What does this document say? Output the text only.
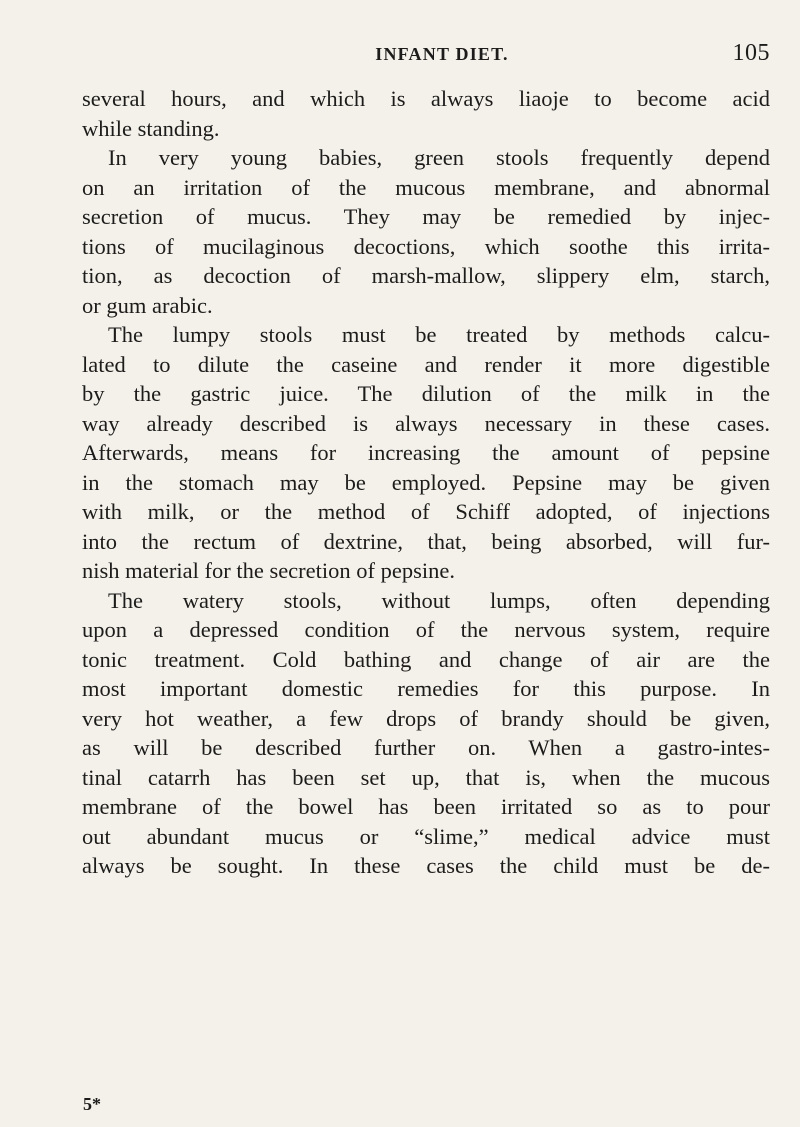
INFANT DIET.	105
several hours, and which is always liaoje to become acid
while standing.
In very young babies, green stools frequently depend
on an irritation of the mucous membrane, and abnormal
secretion of mucus. They may be remedied by injec-
tions of mucilaginous decoctions, which soothe this irrita-
tion, as decoction of marsh-mallow, slippery elm, starch,
or gum arabic.
The lumpy stools must be treated by methods calcu-
lated to dilute the caseine and render it more digestible
by the gastric juice. The dilution of the milk in the
way already described is always necessary in these cases.
Afterwards, means for increasing the amount of pepsine
in the stomach may be employed. Pepsine may be given
with milk, or the method of Schiff adopted, of injections
into the rectum of dextrine, that, being absorbed, will fur-
nish material for the secretion of pepsine.
The watery stools, without lumps, often depending
upon a depressed condition of the nervous system, require
tonic treatment. Cold bathing and change of air are the
most important domestic remedies for this purpose. In
very hot weather, a few drops of brandy should be given,
as will be described further on. When a gastro-intes-
tinal catarrh has been set up, that is, when the mucous
membrane of the bowel has been irritated so as to pour
out abundant mucus or “slime,” medical advice must
always be sought. In these cases the child must be de-
5*
